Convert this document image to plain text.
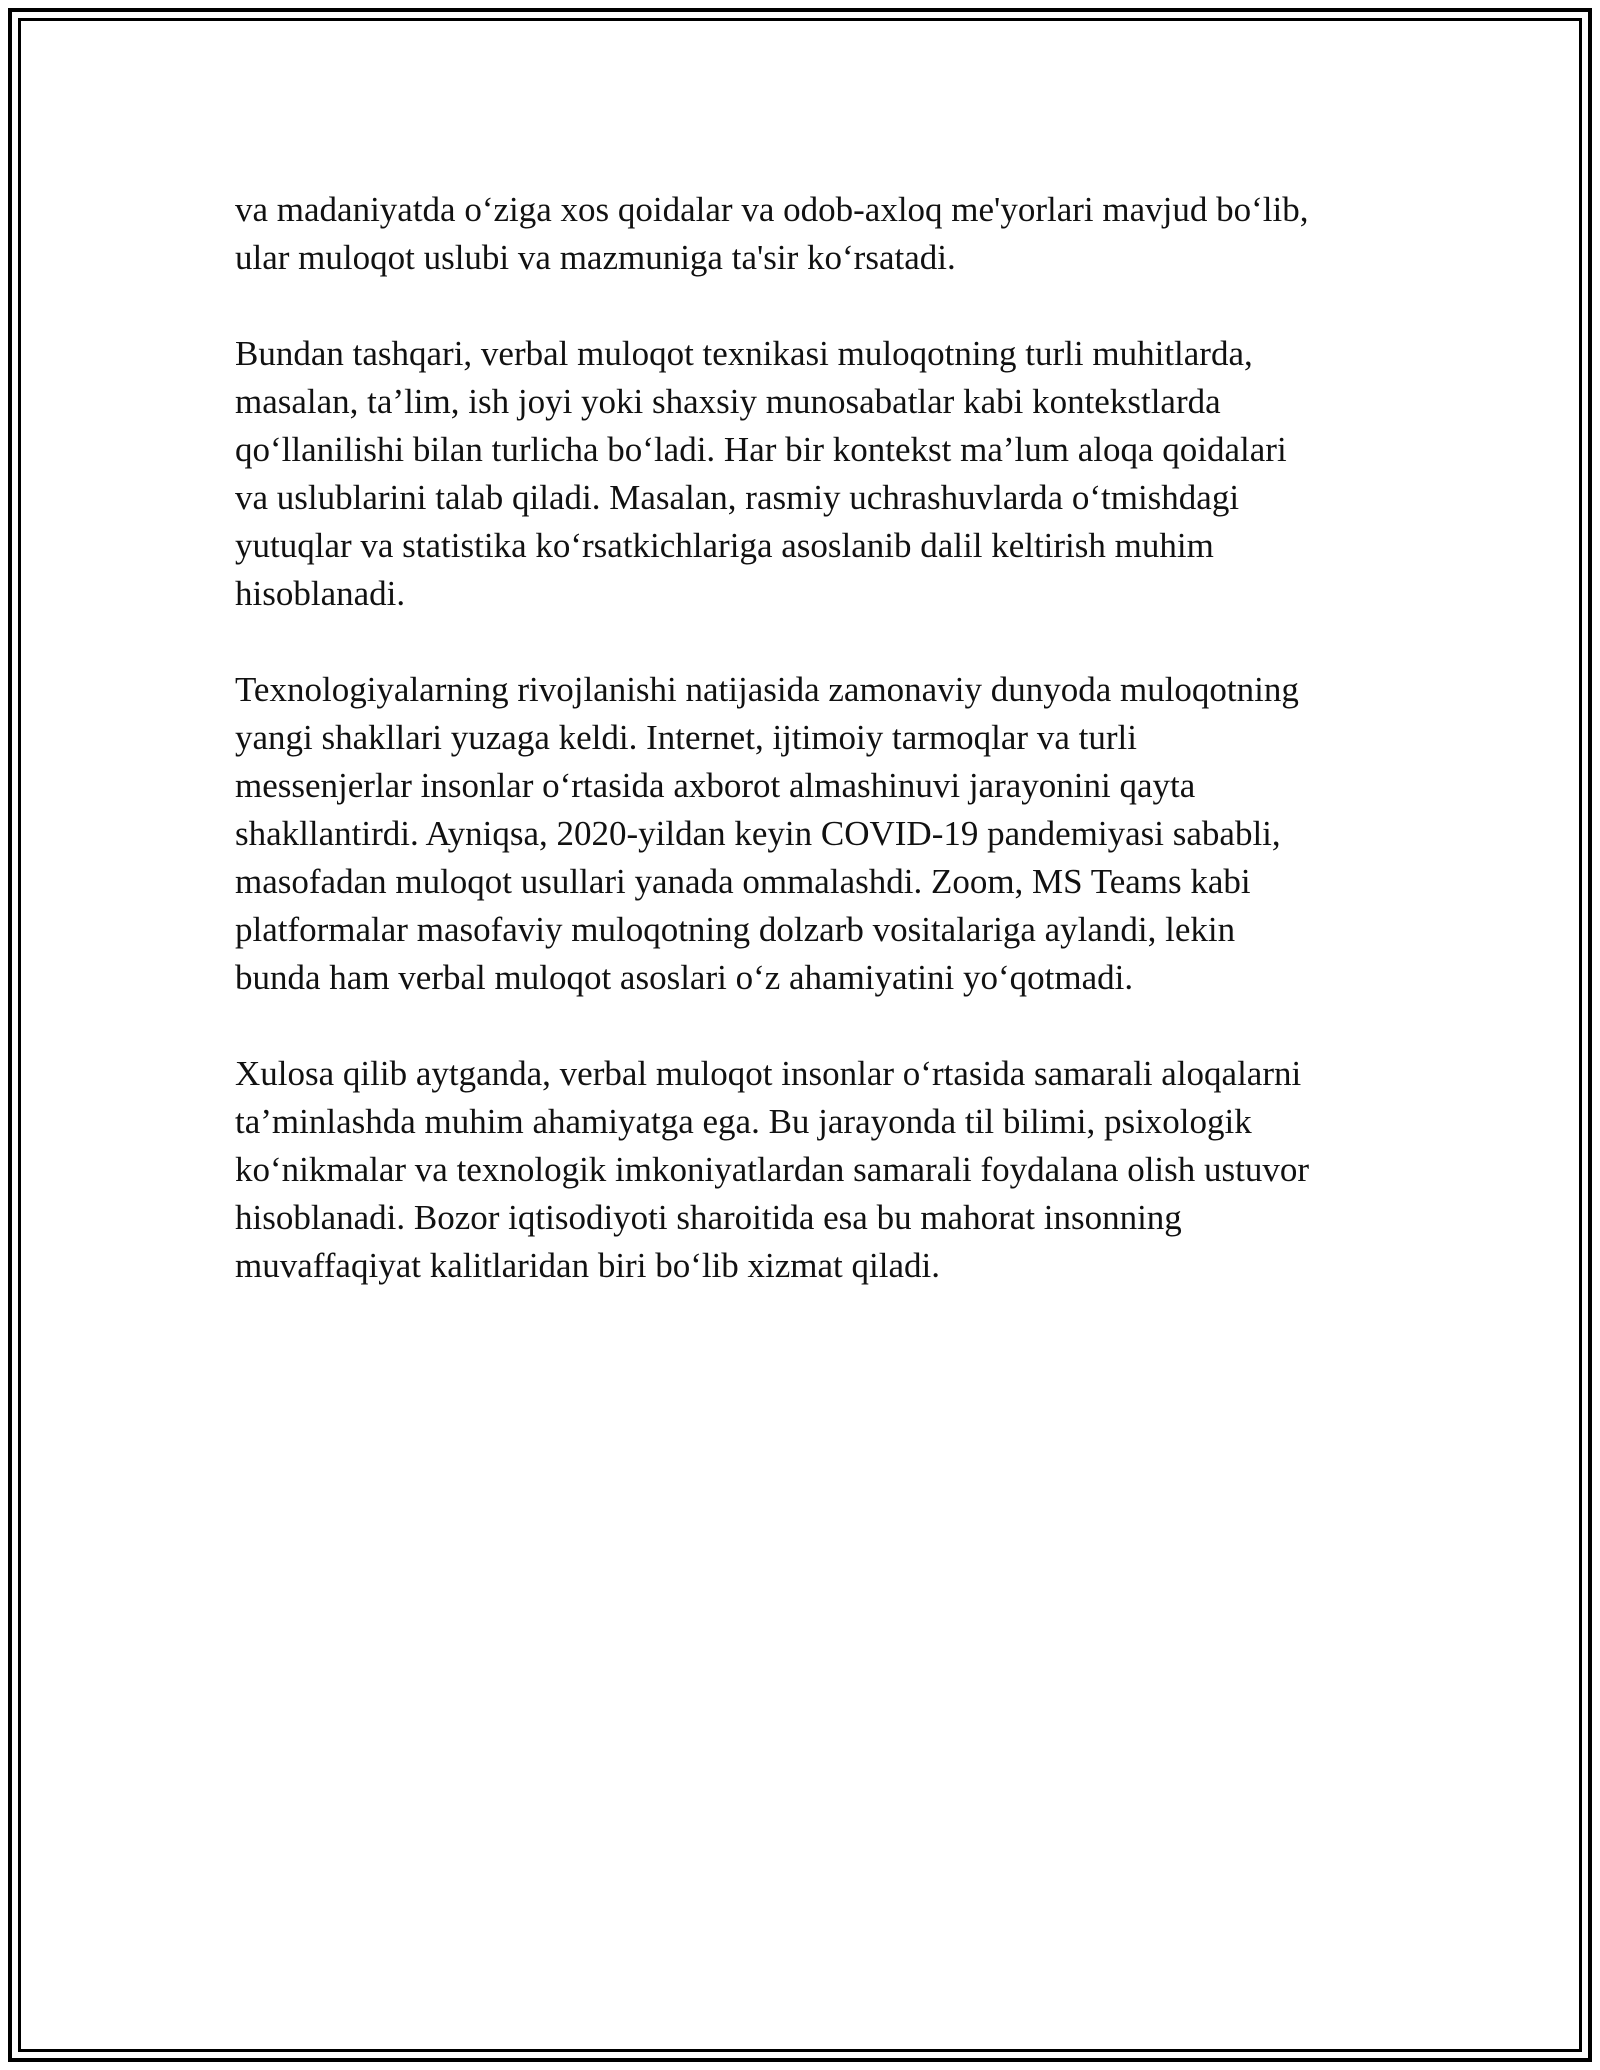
va madaniyatda o‘ziga xos qoidalar va odob-axloq me'yorlari mavjud bo‘lib,
ular muloqot uslubi va mazmuniga ta'sir ko‘rsatadi.

Bundan tashqari, verbal muloqot texnikasi muloqotning turli muhitlarda,
masalan, ta’lim, ish joyi yoki shaxsiy munosabatlar kabi kontekstlarda
qo‘llanilishi bilan turlicha bo‘ladi. Har bir kontekst ma’lum aloqa qoidalari
va uslublarini talab qiladi. Masalan, rasmiy uchrashuvlarda o‘tmishdagi
yutuqlar va statistika ko‘rsatkichlariga asoslanib dalil keltirish muhim
hisoblanadi.

Texnologiyalarning rivojlanishi natijasida zamonaviy dunyoda muloqotning
yangi shakllari yuzaga keldi. Internet, ijtimoiy tarmoqlar va turli
messenjerlar insonlar o‘rtasida axborot almashinuvi jarayonini qayta
shakllantirdi. Ayniqsa, 2020-yildan keyin COVID-19 pandemiyasi sababli,
masofadan muloqot usullari yanada ommalashdi. Zoom, MS Teams kabi
platformalar masofaviy muloqotning dolzarb vositalariga aylandi, lekin
bunda ham verbal muloqot asoslari o‘z ahamiyatini yo‘qotmadi.

Xulosa qilib aytganda, verbal muloqot insonlar o‘rtasida samarali aloqalarni
ta’minlashda muhim ahamiyatga ega. Bu jarayonda til bilimi, psixologik
ko‘nikmalar va texnologik imkoniyatlardan samarali foydalana olish ustuvor
hisoblanadi. Bozor iqtisodiyoti sharoitida esa bu mahorat insonning
muvaffaqiyat kalitlaridan biri bo‘lib xizmat qiladi.
